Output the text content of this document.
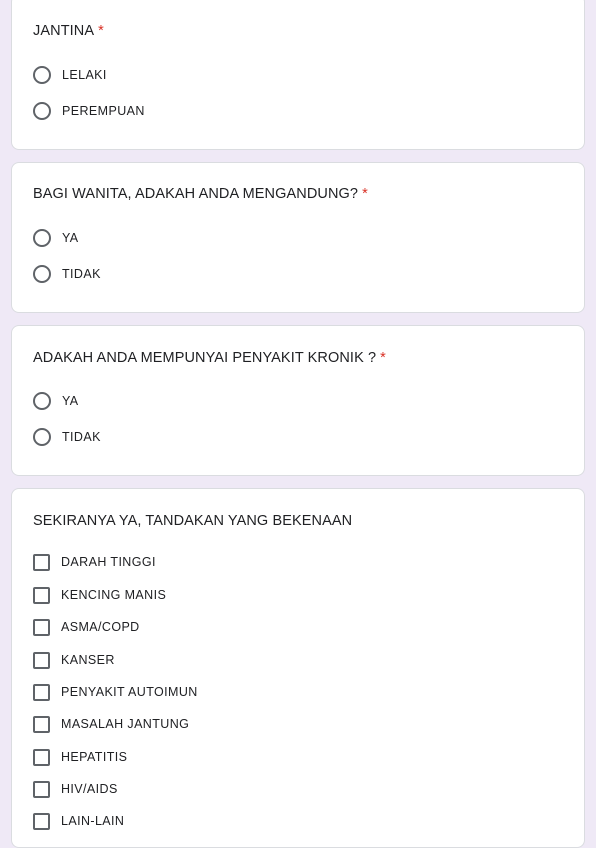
JANTINA *
LELAKI
PEREMPUAN
BAGI WANITA, ADAKAH ANDA MENGANDUNG? *
YA
TIDAK
ADAKAH ANDA MEMPUNYAI PENYAKIT KRONIK ? *
YA
TIDAK
SEKIRANYA YA, TANDAKAN YANG BEKENAAN
DARAH TINGGI
KENCING MANIS
ASMA/COPD
KANSER
PENYAKIT AUTOIMUN
MASALAH JANTUNG
HEPATITIS
HIV/AIDS
LAIN-LAIN
